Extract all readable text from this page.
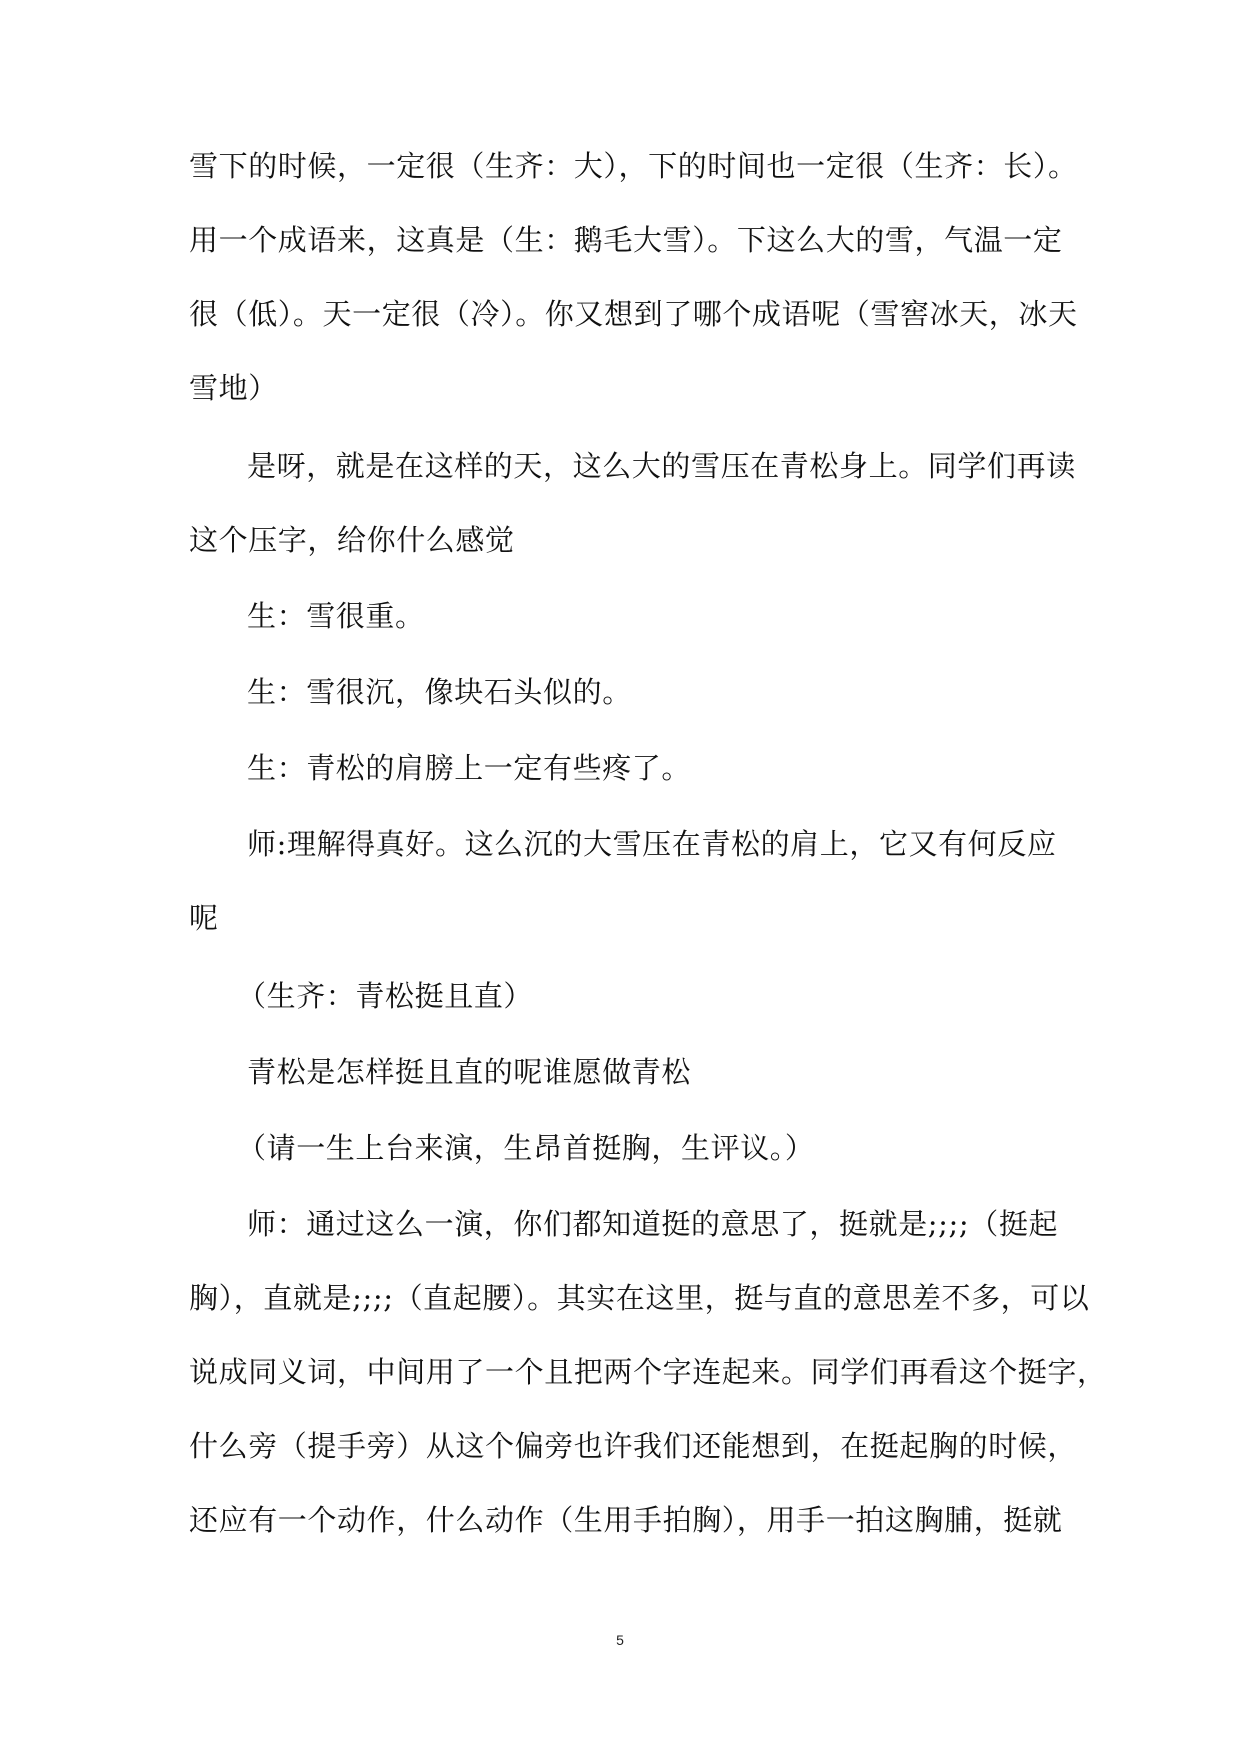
雪下的时候，一定很（生齐：大），下的时间也一定很（生齐：长）。
用一个成语来，这真是（生：鹅毛大雪）。下这么大的雪，气温一定
很（低）。天一定很（冷）。你又想到了哪个成语呢（雪窖冰天，冰天
雪地）
是呀，就是在这样的天，这么大的雪压在青松身上。同学们再读
这个压字，给你什么感觉
生：雪很重。
生：雪很沉，像块石头似的。
生：青松的肩膀上一定有些疼了。
师:理解得真好。这么沉的大雪压在青松的肩上，它又有何反应
呢
（生齐：青松挺且直）
青松是怎样挺且直的呢谁愿做青松
（请一生上台来演，生昂首挺胸，生评议。）
师：通过这么一演，你们都知道挺的意思了，挺就是;;;;（挺起
胸），直就是;;;;（直起腰）。其实在这里，挺与直的意思差不多，可以
说成同义词，中间用了一个且把两个字连起来。同学们再看这个挺字，
什么旁（提手旁）从这个偏旁也许我们还能想到，在挺起胸的时候，
还应有一个动作，什么动作（生用手拍胸），用手一拍这胸脯，挺就
5
